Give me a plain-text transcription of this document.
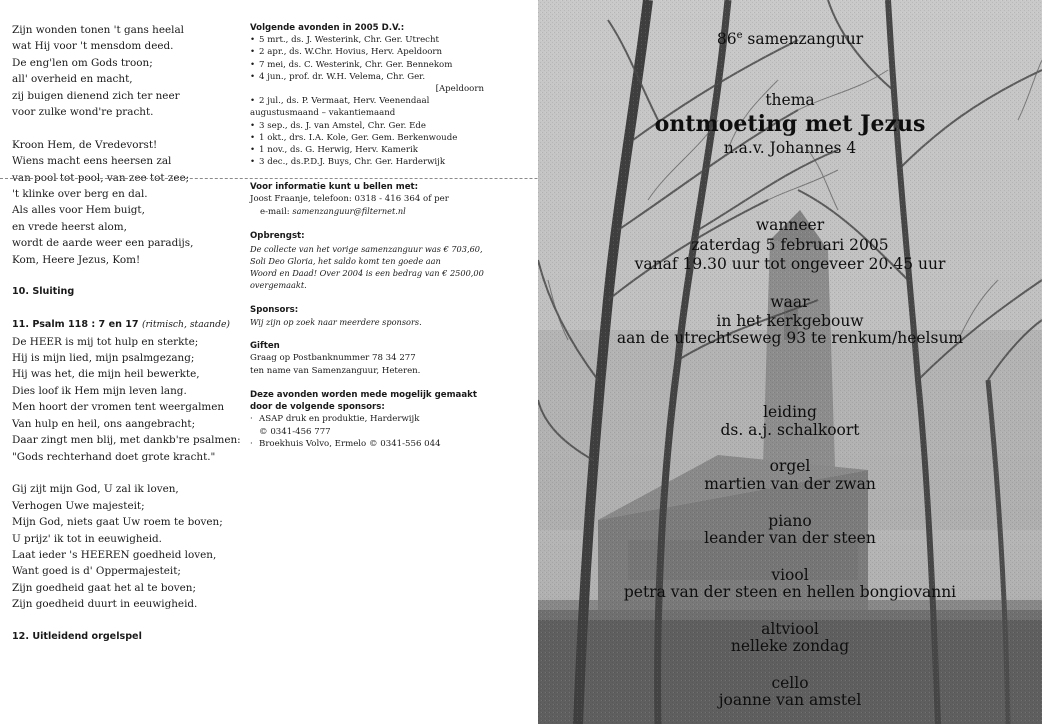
Zijn wonden tonen 't gans heelal
wat Hij voor 't mensdom deed.
De eng'len om Gods troon;
all' overheid en macht,
zij buigen dienend zich ter neer
voor zulke wond're pracht.
Kroon Hem, de Vredevorst!
Wiens macht eens heersen zal
van pool tot pool, van zee tot zee;
't klinke over berg en dal.
Als alles voor Hem buigt,
en vrede heerst alom,
wordt de aarde weer een paradijs,
Kom, Heere Jezus, Kom!
10. Sluiting
11. Psalm 118 : 7 en 17 (ritmisch, staande)
De HEER is mij tot hulp en sterkte;
Hij is mijn lied, mijn psalmgezang;
Hij was het, die mijn heil bewerkte,
Dies loof ik Hem mijn leven lang.
Men hoort der vromen tent weergalmen
Van hulp en heil, ons aangebracht;
Daar zingt men blij, met dankb're psalmen:
"Gods rechterhand doet grote kracht."
Gij zijt mijn God, U zal ik loven,
Verhogen Uwe majesteit;
Mijn God, niets gaat Uw roem te boven;
U prijz' ik tot in eeuwigheid.
Laat ieder 's HEEREN goedheid loven,
Want goed is d' Oppermajesteit;
Zijn goedheid gaat het al te boven;
Zijn goedheid duurt in eeuwigheid.
12. Uitleidend orgelspel
Volgende avonden in 2005 D.V.:
• 5 mrt., ds. J. Westerink, Chr. Ger. Utrecht
• 2 apr., ds. W.Chr. Hovius, Herv. Apeldoorn
• 7 mei, ds. C. Westerink, Chr. Ger. Bennekom
• 4 jun., prof. dr. W.H. Velema, Chr. Ger.
[Apeldoorn
• 2 jul., ds. P. Vermaat, Herv. Veenendaal
augustusmaand – vakantiemaand
• 3 sep., ds. J. van Amstel, Chr. Ger. Ede
• 1 okt., drs. I.A. Kole, Ger. Gem. Berkenwoude
• 1 nov., ds. G. Herwig, Herv. Kamerik
• 3 dec., ds.P.D.J. Buys, Chr. Ger. Harderwijk
Voor informatie kunt u bellen met:
Joost Fraanje, telefoon: 0318 - 416 364 of per
e-mail: samenzanguur@filternet.nl
Opbrengst:
De collecte van het vorige samenzanguur was € 703,60,
Soli Deo Gloria, het saldo komt ten goede aan
Woord en Daad! Over 2004 is een bedrag van € 2500,00
overgemaakt.
Sponsors:
Wij zijn op zoek naar meerdere sponsors.
Giften
Graag op Postbanknummer 78 34 277
ten name van Samenzanguur, Heteren.
Deze avonden worden mede mogelijk gemaakt
door de volgende sponsors:
· ASAP druk en produktie, Harderwijk
© 0341-456 777
· Broekhuis Volvo, Ermelo © 0341-556 044
86e samenzanguur
thema
ontmoeting met Jezus
n.a.v. Johannes 4
wanneer
zaterdag 5 februari 2005
vanaf 19.30 uur tot ongeveer 20.45 uur
waar
in het kerkgebouw
aan de utrechtseweg 93 te renkum/heelsum
leiding
ds. a.j. schalkoort
orgel
martien van der zwan
piano
leander van der steen
viool
petra van der steen en hellen bongiovanni
altviool
nelleke zondag
cello
joanne van amstel
